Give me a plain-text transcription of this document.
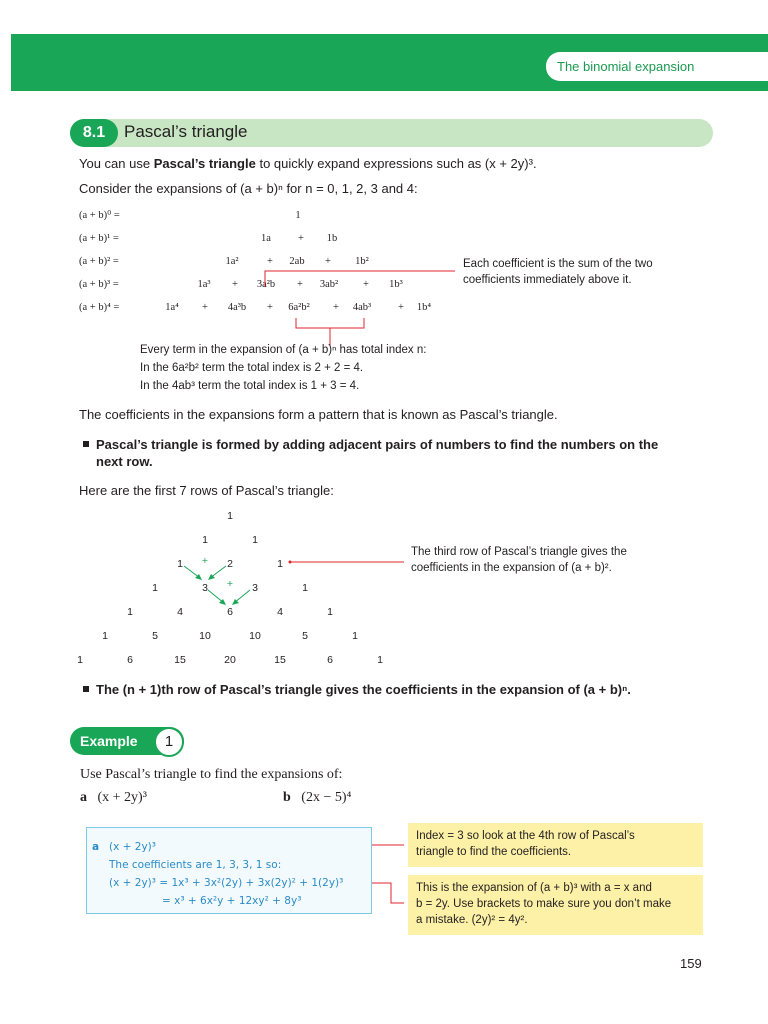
The binomial expansion
8.1	Pascal’s triangle
You can use Pascal’s triangle to quickly expand expressions such as (x + 2y)³.
Consider the expansions of (a + b)ⁿ for n = 0, 1, 2, 3 and 4:
(a + b)⁰ =	1
(a + b)¹ =	1a	+	1b
(a + b)² =	1a²	+	2ab	+	1b²
(a + b)³ =	1a³	+	3a²b	+	3ab²	+	1b³
(a + b)⁴ =	1a⁴	+	4a³b	+	6a²b²	+	4ab³	+	1b⁴
Each coefficient is the sum of the two
coefficients immediately above it.
Every term in the expansion of (a + b)ⁿ has total index n:
In the 6a²b² term the total index is 2 + 2 = 4.
In the 4ab³ term the total index is 1 + 3 = 4.
The coefficients in the expansions form a pattern that is known as Pascal’s triangle.
Pascal’s triangle is formed by adding adjacent pairs of numbers to find the numbers on the
next row.
Here are the first 7 rows of Pascal’s triangle:
1
1	1
1	2	1
1	3	3	1
1	4	6	4	1
1	5	10	10	5	1
1	6	15	20	15	6	1
+
+
The third row of Pascal’s triangle gives the
coefficients in the expansion of (a + b)².
The (n + 1)th row of Pascal’s triangle gives the coefficients in the expansion of (a + b)ⁿ.
Example	1
Use Pascal’s triangle to find the expansions of:
a (x + 2y)³	b (2x − 5)⁴
a (x + 2y)³
The coefficients are 1, 3, 3, 1 so:
(x + 2y)³ = 1x³ + 3x²(2y) + 3x(2y)² + 1(2y)³
= x³ + 6x²y + 12xy² + 8y³
Index = 3 so look at the 4th row of Pascal’s
triangle to find the coefficients.
This is the expansion of (a + b)³ with a = x and
b = 2y. Use brackets to make sure you don’t make
a mistake. (2y)² = 4y².
159
